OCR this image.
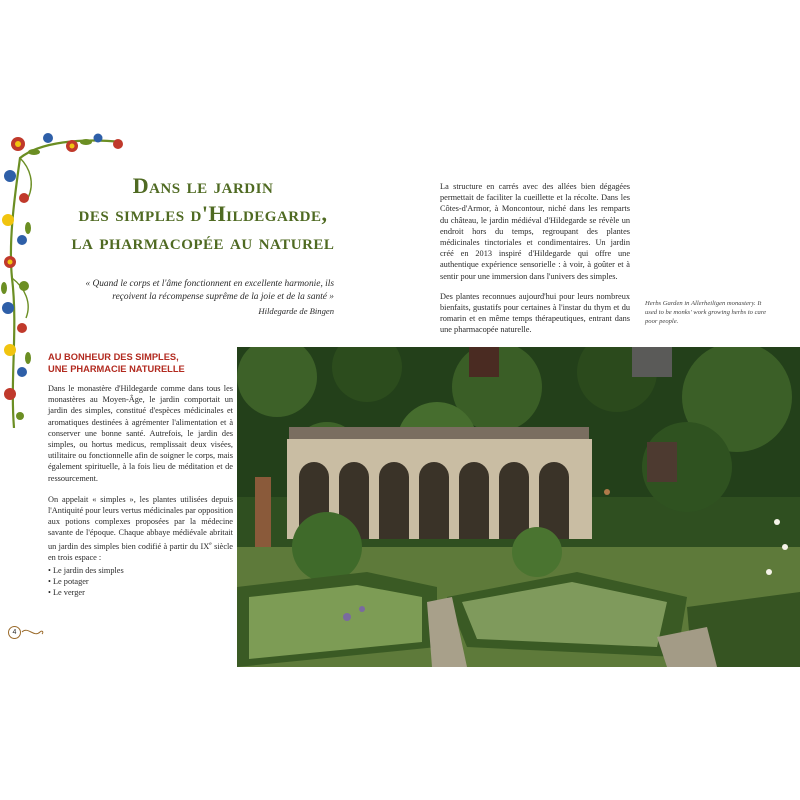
Dans le jardin
des simples d'Hildegarde,
la pharmacopée au naturel
« Quand le corps et l'âme fonctionnent en excellente harmonie, ils reçoivent la récompense suprême de la joie et de la santé »
Hildegarde de Bingen

La structure en carrés avec des allées bien dégagées permettait de faciliter la cueillette et la récolte. Dans les Côtes-d'Armor, à Moncontour, niché dans les remparts du château, le jardin médiéval d'Hildegarde se révèle un endroit hors du temps, regroupant des plantes médicinales tinctoriales et condimentaires. Un jardin créé en 2013 inspiré d'Hildegarde qui offre une authentique expérience sensorielle : à voir, à goûter et à sentir pour une immersion dans l'univers des simples.

Des plantes reconnues aujourd'hui pour leurs nombreux bienfaits, gustatifs pour certaines à l'instar du thym et du romarin et en même temps thérapeutiques, entrant dans une pharmacopée naturelle.

Herbs Garden in Allerheiligen monastery. It used to be monks' work growing herbs to care poor people.
AU BONHEUR DES SIMPLES,
UNE PHARMACIE NATURELLE

Dans le monastère d'Hildegarde comme dans tous les monastères au Moyen-Âge, le jardin comportait un jardin des simples, constitué d'espèces médicinales et aromatiques destinées à agrémenter l'alimentation et à conserver une bonne santé. Autrefois, le jardin des simples, ou hortus medicus, remplissait deux visées, utilitaire ou fonctionnelle afin de soigner le corps, mais également spirituelle, à la fois lieu de méditation et de ressourcement.

On appelait « simples », les plantes utilisées depuis l'Antiquité pour leurs vertus médicinales par opposition aux potions complexes proposées par la médecine savante de l'époque. Chaque abbaye médiévale abritait un jardin des simples bien codifié à partir du IXe siècle en trois espace :

• Le jardin des simples
• Le potager
• Le verger
4
